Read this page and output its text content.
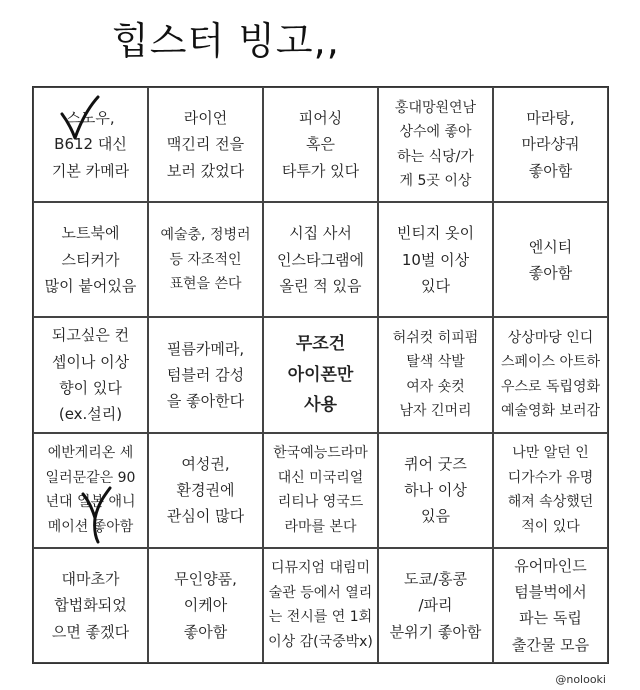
힙스터 빙고,,
스노우,
B612 대신
기본 카메라
라이언
맥긴리 전을
보러 갔었다
피어싱
혹은
타투가 있다
홍대망원연남
상수에 좋아
하는 식당/가
게 5곳 이상
마라탕,
마라샹궈
좋아함
노트북에
스티커가
많이 붙어있음
예술충, 정병러
등 자조적인
표현을 쓴다
시집 사서
인스타그램에
올린 적 있음
빈티지 옷이
10벌 이상
있다
엔시티
좋아함
되고싶은 컨
셉이나 이상
향이 있다
(ex.설리)
필름카메라,
텀블러 감성
을 좋아한다
무조건
아이폰만
사용
허쉬컷 히피펌
탈색 삭발
여자 숏컷
남자 긴머리
상상마당 인디
스페이스 아트하
우스로 독립영화
예술영화 보러감
에반게리온 세
일러문같은 90
년대 일본 애니
메이션 좋아함
여성권,
환경권에
관심이 많다
한국예능드라마
대신 미국리얼
리티나 영국드
라마를 본다
퀴어 굿즈
하나 이상
있음
나만 알던 인
디가수가 유명
해져 속상했던
적이 있다
대마초가
합법화되었
으면 좋겠다
무인양품,
이케아
좋아함
디뮤지엄 대림미
술관 등에서 열리
는 전시를 연 1회
이상 감(국중박x)
도쿄/홍콩
/파리
분위기 좋아함
유어마인드
텀블벅에서
파는 독립
출간물 모음
@nolooki
